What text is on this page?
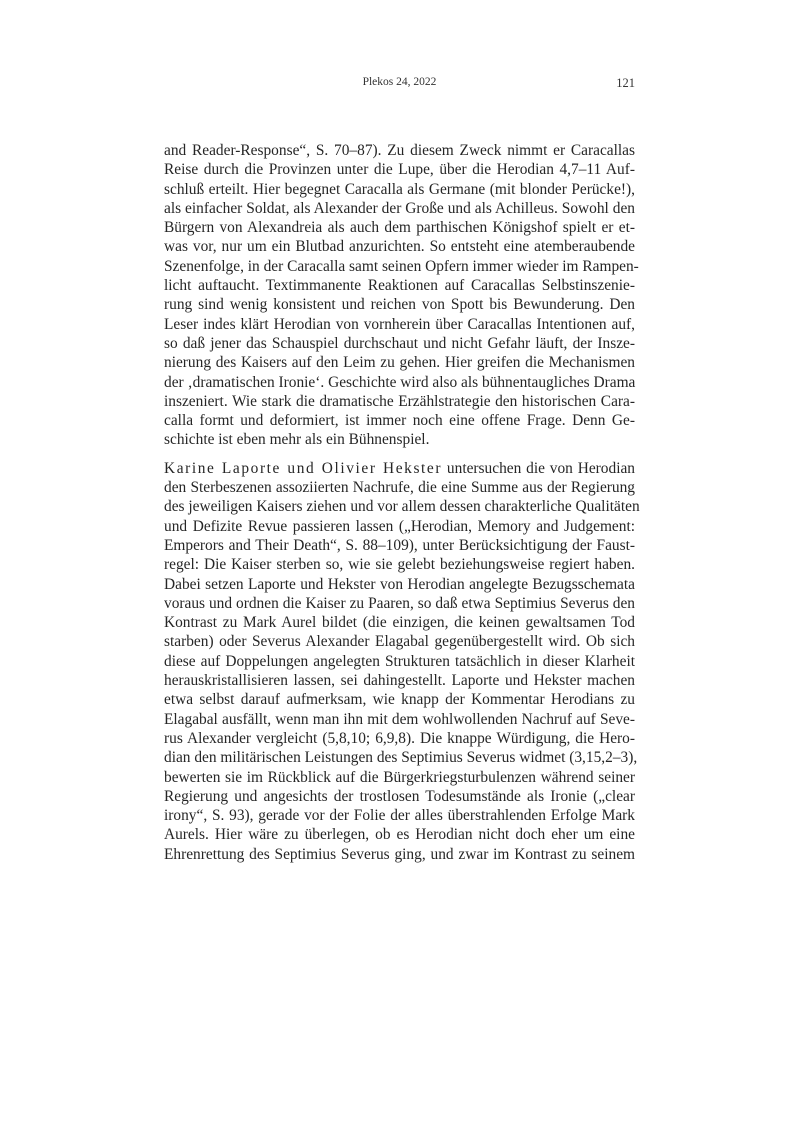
Plekos 24, 2022	121

and Reader-Response“, S. 70–87). Zu diesem Zweck nimmt er Caracallas
Reise durch die Provinzen unter die Lupe, über die Herodian 4,7–11 Auf-
schluß erteilt. Hier begegnet Caracalla als Germane (mit blonder Perücke!),
als einfacher Soldat, als Alexander der Große und als Achilleus. Sowohl den
Bürgern von Alexandreia als auch dem parthischen Königshof spielt er et-
was vor, nur um ein Blutbad anzurichten. So entsteht eine atemberaubende
Szenenfolge, in der Caracalla samt seinen Opfern immer wieder im Rampen-
licht auftaucht. Textimmanente Reaktionen auf Caracallas Selbstinszenie-
rung sind wenig konsistent und reichen von Spott bis Bewunderung. Den
Leser indes klärt Herodian von vornherein über Caracallas Intentionen auf,
so daß jener das Schauspiel durchschaut und nicht Gefahr läuft, der Insze-
nierung des Kaisers auf den Leim zu gehen. Hier greifen die Mechanismen
der ‚dramatischen Ironie‘. Geschichte wird also als bühnentaugliches Drama
inszeniert. Wie stark die dramatische Erzählstrategie den historischen Cara-
calla formt und deformiert, ist immer noch eine offene Frage. Denn Ge-
schichte ist eben mehr als ein Bühnenspiel.

Karine Laporte und Olivier Hekster untersuchen die von Herodian
den Sterbeszenen assoziierten Nachrufe, die eine Summe aus der Regierung
des jeweiligen Kaisers ziehen und vor allem dessen charakterliche Qualitäten
und Defizite Revue passieren lassen („Herodian, Memory and Judgement:
Emperors and Their Death“, S. 88–109), unter Berücksichtigung der Faust-
regel: Die Kaiser sterben so, wie sie gelebt beziehungsweise regiert haben.
Dabei setzen Laporte und Hekster von Herodian angelegte Bezugsschemata
voraus und ordnen die Kaiser zu Paaren, so daß etwa Septimius Severus den
Kontrast zu Mark Aurel bildet (die einzigen, die keinen gewaltsamen Tod
starben) oder Severus Alexander Elagabal gegenübergestellt wird. Ob sich
diese auf Doppelungen angelegten Strukturen tatsächlich in dieser Klarheit
herauskristallisieren lassen, sei dahingestellt. Laporte und Hekster machen
etwa selbst darauf aufmerksam, wie knapp der Kommentar Herodians zu
Elagabal ausfällt, wenn man ihn mit dem wohlwollenden Nachruf auf Seve-
rus Alexander vergleicht (5,8,10; 6,9,8). Die knappe Würdigung, die Hero-
dian den militärischen Leistungen des Septimius Severus widmet (3,15,2–3),
bewerten sie im Rückblick auf die Bürgerkriegsturbulenzen während seiner
Regierung und angesichts der trostlosen Todesumstände als Ironie („clear
irony“, S. 93), gerade vor der Folie der alles überstrahlenden Erfolge Mark
Aurels. Hier wäre zu überlegen, ob es Herodian nicht doch eher um eine
Ehrenrettung des Septimius Severus ging, und zwar im Kontrast zu seinem
